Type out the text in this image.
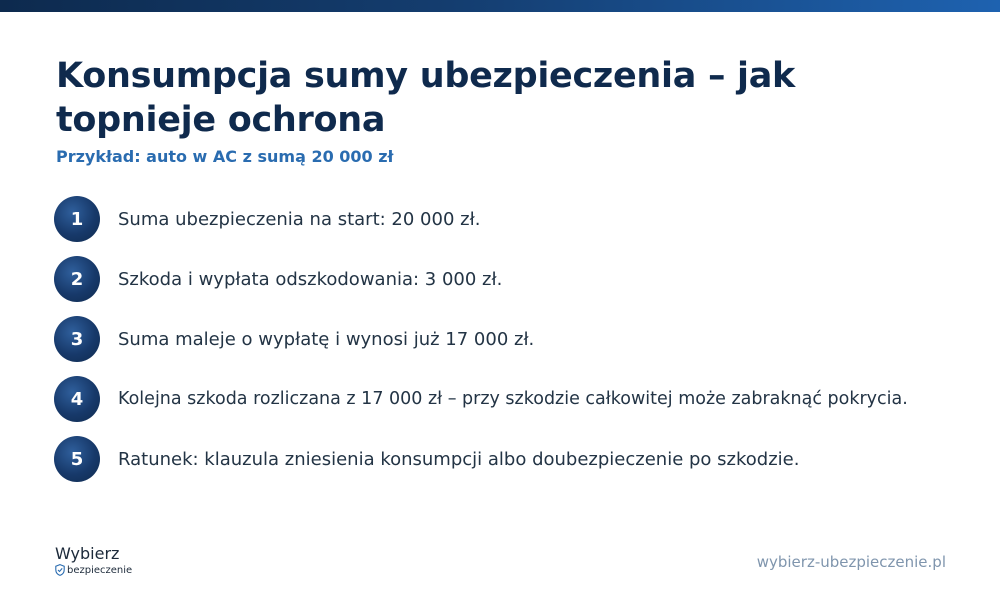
Konsumpcja sumy ubezpieczenia – jak topnieje ochrona

Przykład: auto w AC z sumą 20 000 zł

1	Suma ubezpieczenia na start: 20 000 zł.
2	Szkoda i wypłata odszkodowania: 3 000 zł.
3	Suma maleje o wypłatę i wynosi już 17 000 zł.
4	Kolejna szkoda rozliczana z 17 000 zł – przy szkodzie całkowitej może zabraknąć pokrycia.
5	Ratunek: klauzula zniesienia konsumpcji albo doubezpieczenie po szkodzie.
Wybierz
bezpieczenie	wybierz-ubezpieczenie.pl
